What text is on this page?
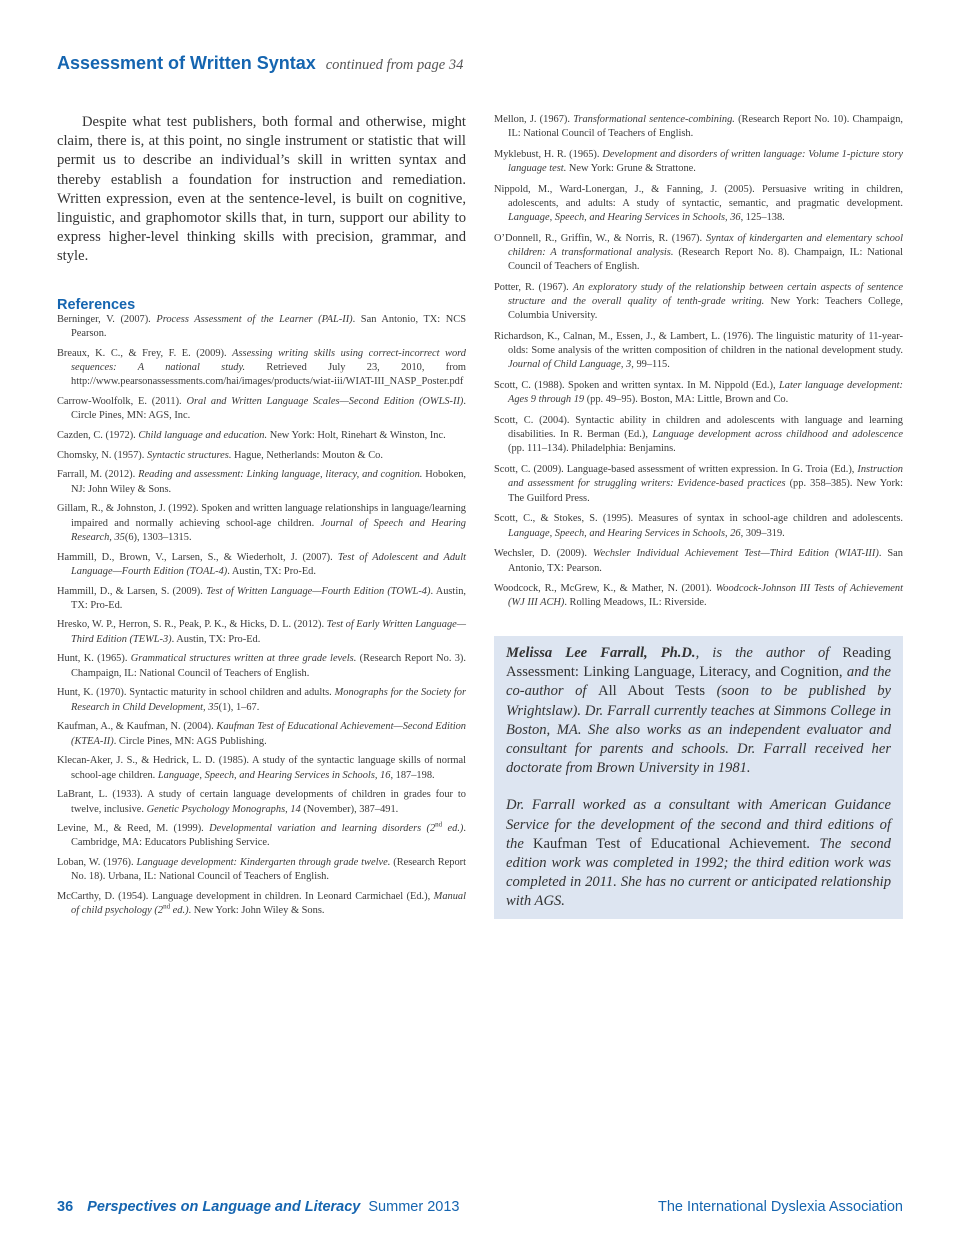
Assessment of Written Syntax continued from page 34

Despite what test publishers, both formal and otherwise, might claim, there is, at this point, no single instrument or statistic that will permit us to describe an individual’s skill in written syntax and thereby establish a foundation for instruction and remediation. Written expression, even at the sentence-level, is built on cognitive, linguistic, and graphomotor skills that, in turn, support our ability to express higher-level thinking skills with precision, grammar, and style.

References

Berninger, V. (2007). Process Assessment of the Learner (PAL-II). San Antonio, TX: NCS Pearson.

Breaux, K. C., & Frey, F. E. (2009). Assessing writing skills using correct-incorrect word sequences: A national study. Retrieved July 23, 2010, from http://www.pearsonassessments.com/hai/images/products/wiat-iii/WIAT-III_NASP_Poster.pdf

Carrow-Woolfolk, E. (2011). Oral and Written Language Scales—Second Edition (OWLS-II). Circle Pines, MN: AGS, Inc.

Cazden, C. (1972). Child language and education. New York: Holt, Rinehart & Winston, Inc.

Chomsky, N. (1957). Syntactic structures. Hague, Netherlands: Mouton & Co.

Farrall, M. (2012). Reading and assessment: Linking language, literacy, and cognition. Hoboken, NJ: John Wiley & Sons.

Gillam, R., & Johnston, J. (1992). Spoken and written language relationships in language/learning impaired and normally achieving school-age children. Journal of Speech and Hearing Research, 35(6), 1303–1315.

Hammill, D., Brown, V., Larsen, S., & Wiederholt, J. (2007). Test of Adolescent and Adult Language—Fourth Edition (TOAL-4). Austin, TX: Pro-Ed.

Hammill, D., & Larsen, S. (2009). Test of Written Language—Fourth Edition (TOWL-4). Austin, TX: Pro-Ed.

Hresko, W. P., Herron, S. R., Peak, P. K., & Hicks, D. L. (2012). Test of Early Written Language—Third Edition (TEWL-3). Austin, TX: Pro-Ed.

Hunt, K. (1965). Grammatical structures written at three grade levels. (Research Report No. 3). Champaign, IL: National Council of Teachers of English.

Hunt, K. (1970). Syntactic maturity in school children and adults. Monographs for the Society for Research in Child Development, 35(1), 1–67.

Kaufman, A., & Kaufman, N. (2004). Kaufman Test of Educational Achievement—Second Edition (KTEA-II). Circle Pines, MN: AGS Publishing.

Klecan-Aker, J. S., & Hedrick, L. D. (1985). A study of the syntactic language skills of normal school-age children. Language, Speech, and Hearing Services in Schools, 16, 187–198.

LaBrant, L. (1933). A study of certain language developments of children in grades four to twelve, inclusive. Genetic Psychology Monographs, 14 (November), 387–491.

Levine, M., & Reed, M. (1999). Developmental variation and learning disorders (2nd ed.). Cambridge, MA: Educators Publishing Service.

Loban, W. (1976). Language development: Kindergarten through grade twelve. (Research Report No. 18). Urbana, IL: National Council of Teachers of English.

McCarthy, D. (1954). Language development in children. In Leonard Carmichael (Ed.), Manual of child psychology (2nd ed.). New York: John Wiley & Sons.

Mellon, J. (1967). Transformational sentence-combining. (Research Report No. 10). Champaign, IL: National Council of Teachers of English.

Myklebust, H. R. (1965). Development and disorders of written language: Volume 1-picture story language test. New York: Grune & Strattone.

Nippold, M., Ward-Lonergan, J., & Fanning, J. (2005). Persuasive writing in children, adolescents, and adults: A study of syntactic, semantic, and pragmatic development. Language, Speech, and Hearing Services in Schools, 36, 125–138.

O’Donnell, R., Griffin, W., & Norris, R. (1967). Syntax of kindergarten and elementary school children: A transformational analysis. (Research Report No. 8). Champaign, IL: National Council of Teachers of English.

Potter, R. (1967). An exploratory study of the relationship between certain aspects of sentence structure and the overall quality of tenth-grade writing. New York: Teachers College, Columbia University.

Richardson, K., Calnan, M., Essen, J., & Lambert, L. (1976). The linguistic maturity of 11-year-olds: Some analysis of the written composition of children in the national development study. Journal of Child Language, 3, 99–115.

Scott, C. (1988). Spoken and written syntax. In M. Nippold (Ed.), Later language development: Ages 9 through 19 (pp. 49–95). Boston, MA: Little, Brown and Co.

Scott, C. (2004). Syntactic ability in children and adolescents with language and learning disabilities. In R. Berman (Ed.), Language development across childhood and adolescence (pp. 111–134). Philadelphia: Benjamins.

Scott, C. (2009). Language-based assessment of written expression. In G. Troia (Ed.), Instruction and assessment for struggling writers: Evidence-based practices (pp. 358–385). New York: The Guilford Press.

Scott, C., & Stokes, S. (1995). Measures of syntax in school-age children and adolescents. Language, Speech, and Hearing Services in Schools, 26, 309–319.

Wechsler, D. (2009). Wechsler Individual Achievement Test—Third Edition (WIAT-III). San Antonio, TX: Pearson.

Woodcock, R., McGrew, K., & Mather, N. (2001). Woodcock-Johnson III Tests of Achievement (WJ III ACH). Rolling Meadows, IL: Riverside.

Melissa Lee Farrall, Ph.D., is the author of Reading Assessment: Linking Language, Literacy, and Cognition, and the co-author of All About Tests (soon to be published by Wrightslaw). Dr. Farrall currently teaches at Simmons College in Boston, MA. She also works as an independent evaluator and consultant for parents and schools. Dr. Farrall received her doctorate from Brown University in 1981.

Dr. Farrall worked as a consultant with American Guidance Service for the development of the second and third editions of the Kaufman Test of Educational Achievement. The second edition work was completed in 1992; the third edition work was completed in 2011. She has no current or anticipated relationship with AGS.

36 Perspectives on Language and Literacy Summer 2013	The International Dyslexia Association
